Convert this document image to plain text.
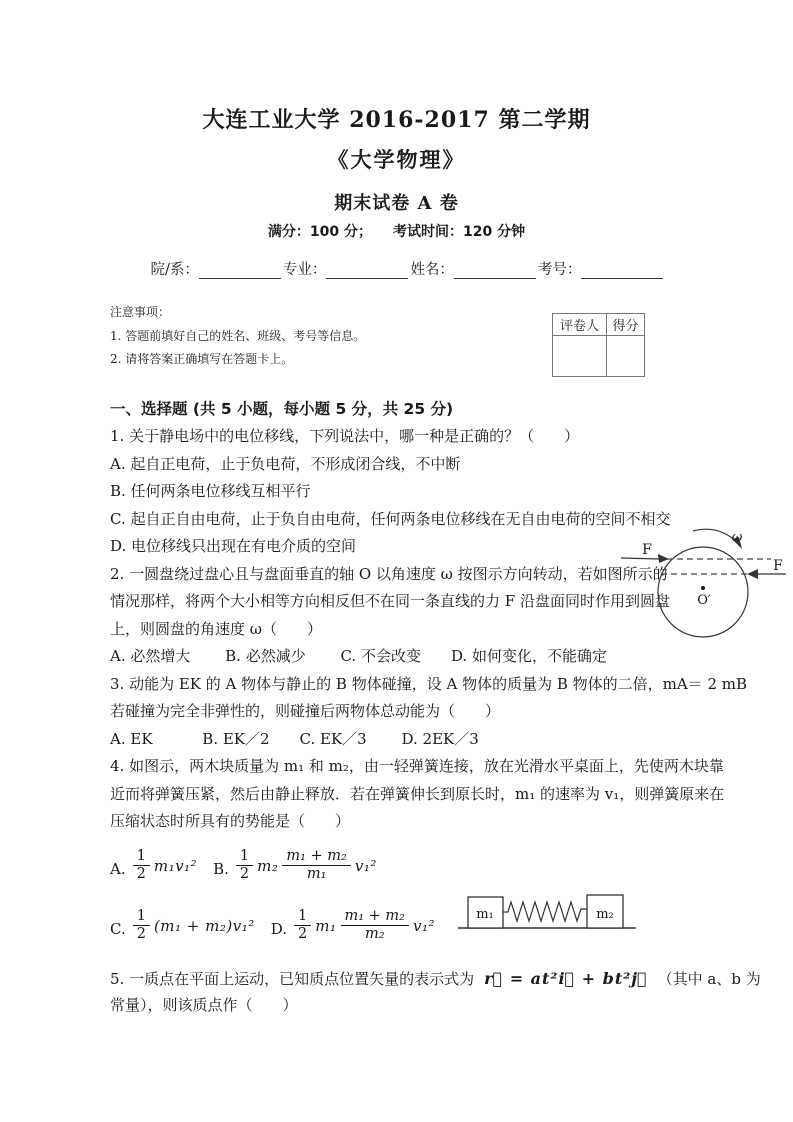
大连工业大学 2016-2017 第二学期
《大学物理》
期末试卷 A 卷
满分：100 分；　　考试时间：120 分钟
院/系：	专业：	姓名：	考号：
注意事项：
1. 答题前填好自己的姓名、班级、考号等信息。
2. 请将答案正确填写在答题卡上。
评卷人	得分

一、选择题 (共 5 小题，每小题 5 分，共 25 分)
1. 关于静电场中的电位移线，下列说法中，哪一种是正确的？（　　）
A. 起自正电荷，止于负电荷，不形成闭合线，不中断
B. 任何两条电位移线互相平行
C. 起自正自由电荷，止于负自由电荷，任何两条电位移线在无自由电荷的空间不相交
D. 电位移线只出现在有电介质的空间
2. 一圆盘绕过盘心且与盘面垂直的轴 O 以角速度 ω 按图示方向转动，若如图所示的
情况那样，将两个大小相等方向相反但不在同一条直线的力 F 沿盘面同时作用到圆盘
上，则圆盘的角速度 ω（　　）
A. 必然增大　　 B. 必然减少　　 C. 不会改变　　D. 如何变化，不能确定
3. 动能为 EK 的 A 物体与静止的 B 物体碰撞，设 A 物体的质量为 B 物体的二倍，mA＝ 2 mB
若碰撞为完全非弹性的，则碰撞后两物体总动能为（　　）
A. EK　　　 B. EK／2　　C. EK／3　　 D. 2EK／3
4. 如图示，两木块质量为 m₁ 和 m₂，由一轻弹簧连接，放在光滑水平桌面上，先使两木块靠
近而将弹簧压紧，然后由静止释放．若在弹簧伸长到原长时，m₁ 的速率为 v₁，则弹簧原来在
压缩状态时所具有的势能是（　　）
A.
1
2 m₁v₁² B.
1
2 m₂
m₁ + m₂
m₁ v₁²
C.
1
2 (m₁ + m₂)v₁² D.
1
2 m₁
m₁ + m₂
m₂ v₁²
5. 一质点在平面上运动，已知质点位置矢量的表示式为 r⃗ = at²i⃗ + bt²j⃗ （其中 a、b 为
常量），则该质点作（　　）
F
F
ω
O′
m₁	m₂
